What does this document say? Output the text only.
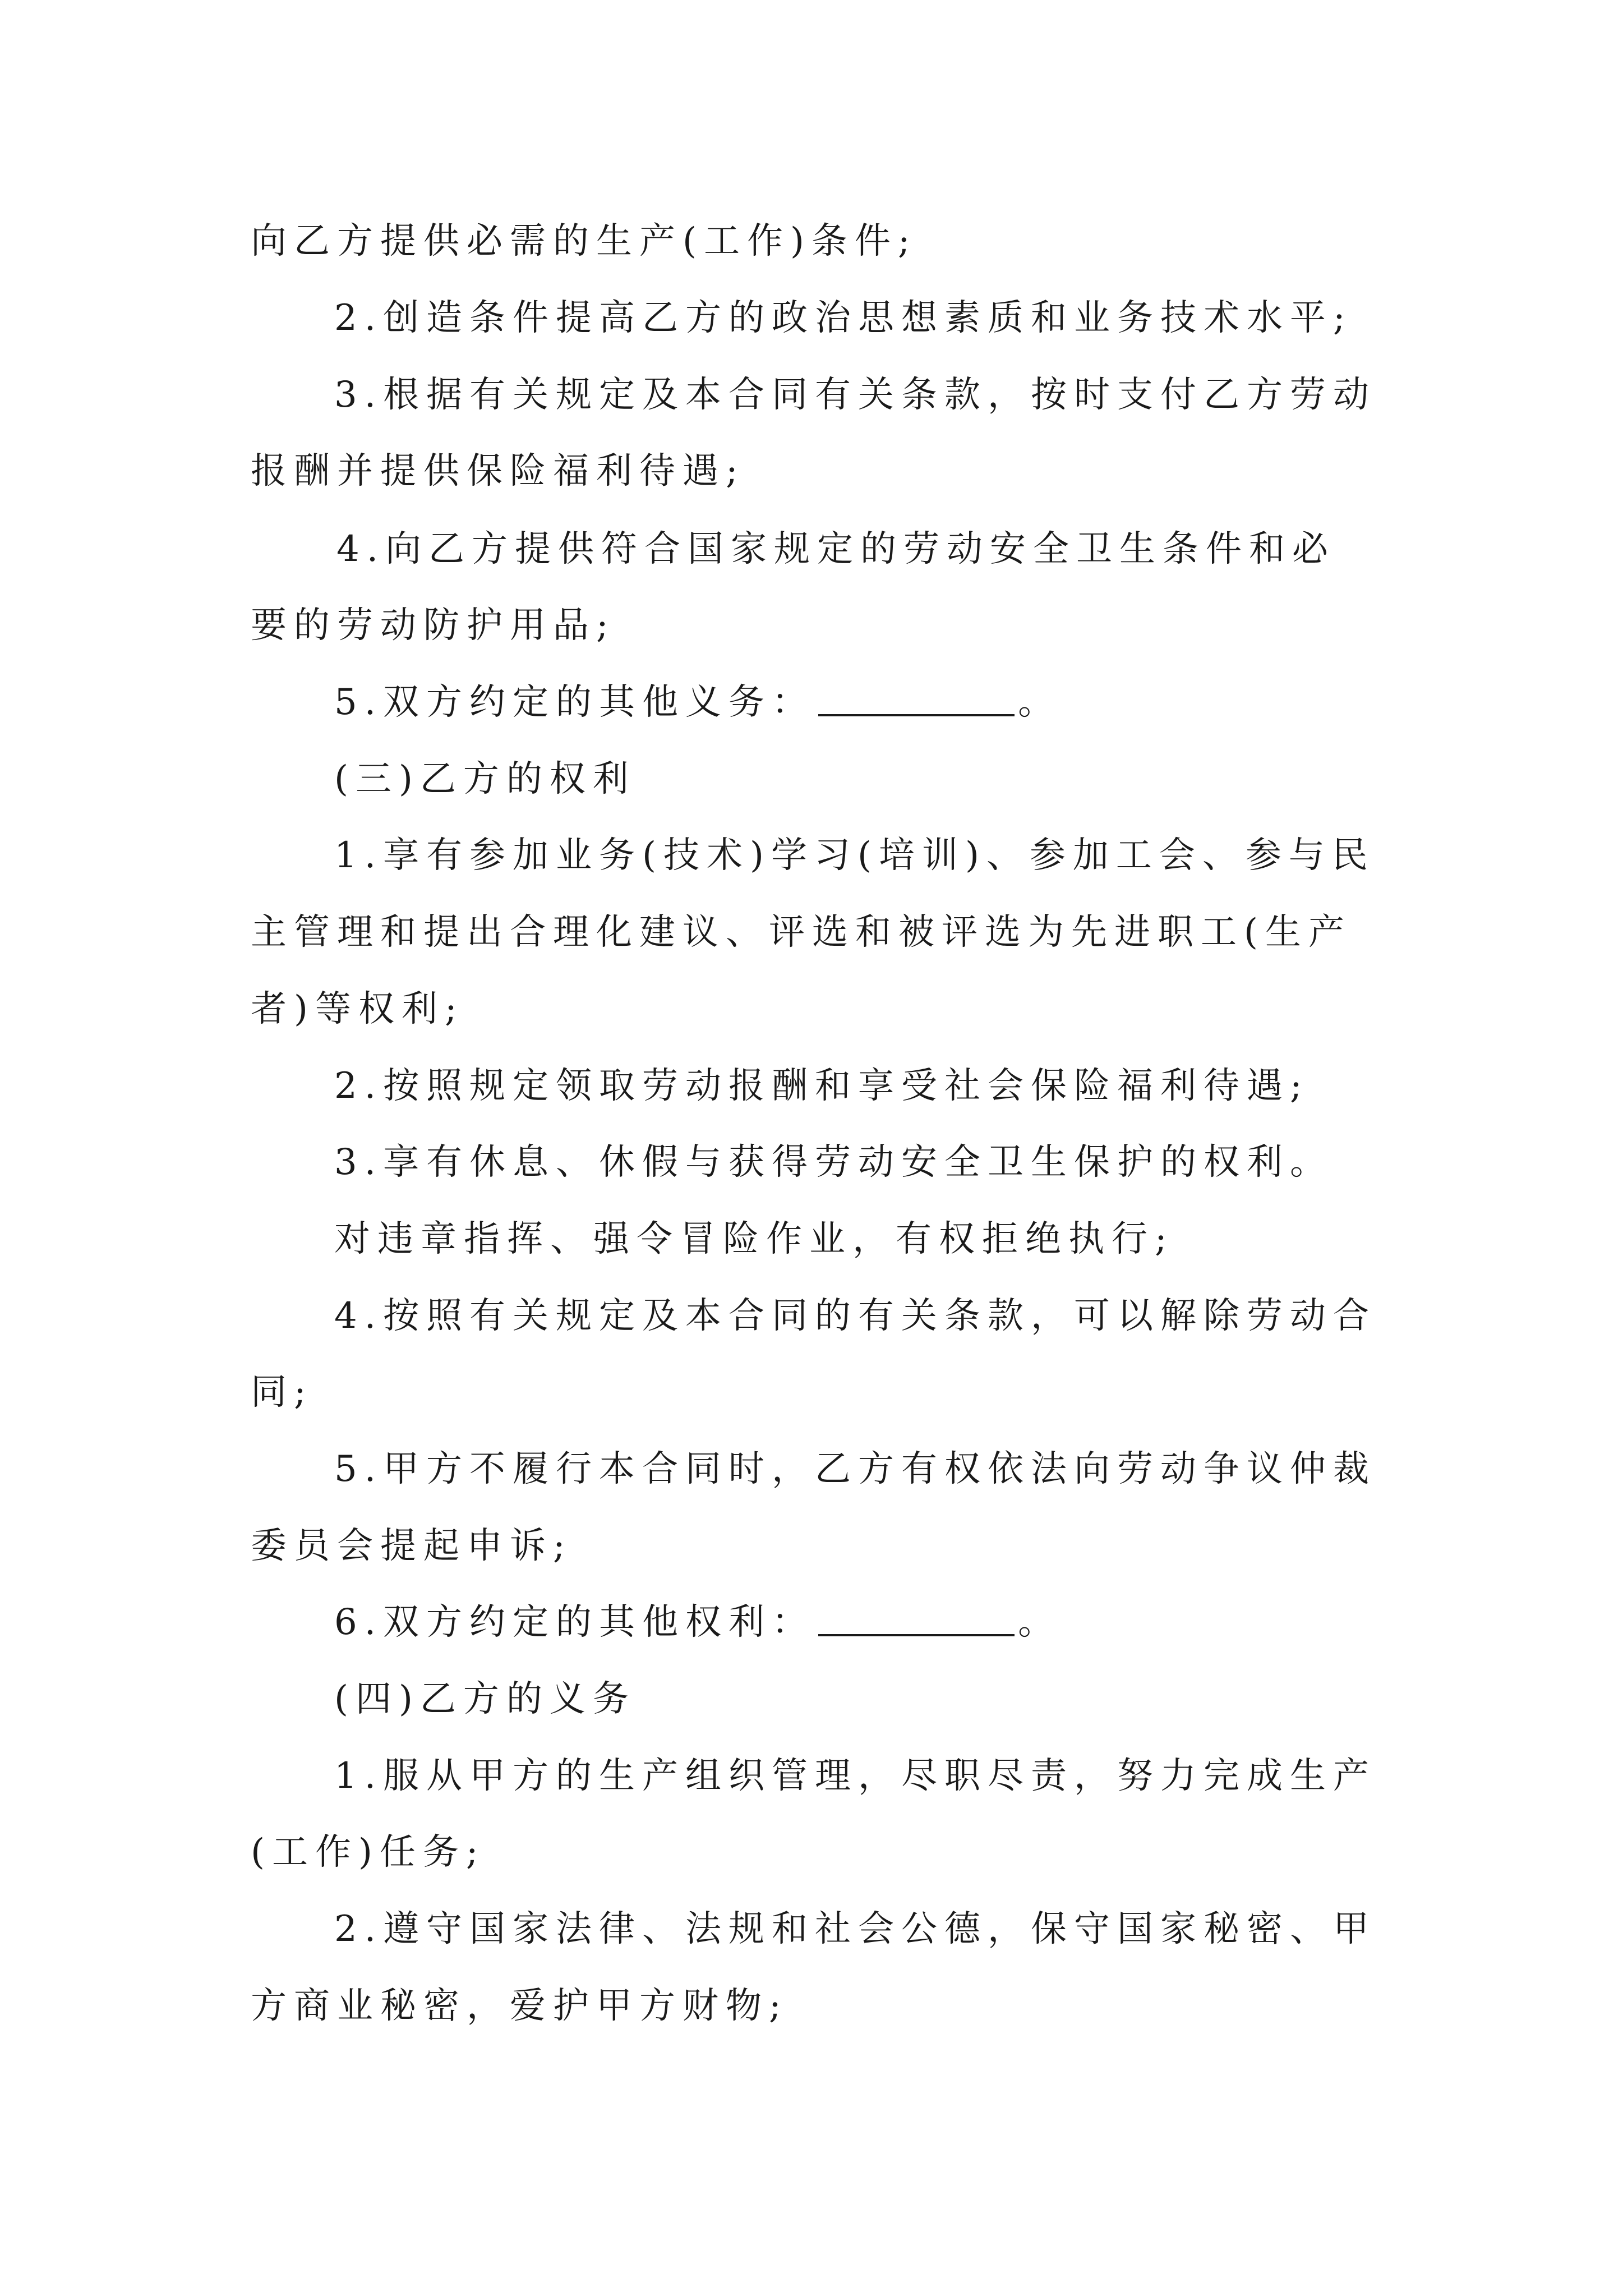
向乙方提供必需的生产(工作)条件;
2.创造条件提高乙方的政治思想素质和业务技术水平;
3.根据有关规定及本合同有关条款，按时支付乙方劳动
报酬并提供保险福利待遇;
4.向乙方提供符合国家规定的劳动安全卫生条件和必
要的劳动防护用品;
5.双方约定的其他义务：	。
(三)乙方的权利
1.享有参加业务(技术)学习(培训)、参加工会、参与民
主管理和提出合理化建议、评选和被评选为先进职工(生产
者)等权利;
2.按照规定领取劳动报酬和享受社会保险福利待遇;
3.享有休息、休假与获得劳动安全卫生保护的权利。
对违章指挥、强令冒险作业，有权拒绝执行;
4.按照有关规定及本合同的有关条款，可以解除劳动合
同;
5.甲方不履行本合同时，乙方有权依法向劳动争议仲裁
委员会提起申诉;
6.双方约定的其他权利：	。
(四)乙方的义务
1.服从甲方的生产组织管理，尽职尽责，努力完成生产
(工作)任务;
2.遵守国家法律、法规和社会公德，保守国家秘密、甲
方商业秘密，爱护甲方财物;
